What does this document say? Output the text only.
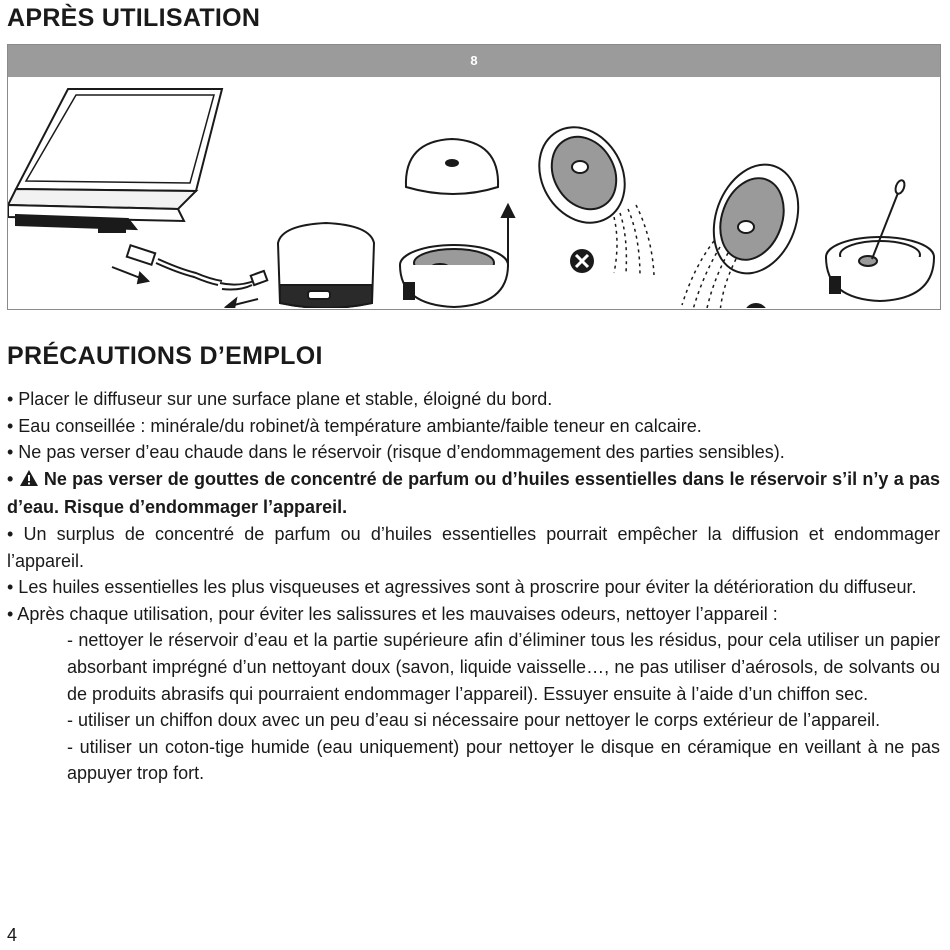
APRÈS UTILISATION
8
PRÉCAUTIONS D’EMPLOI

• Placer le diffuseur sur une surface plane et stable, éloigné du bord.

• Eau conseillée : minérale/du robinet/à température ambiante/faible teneur en calcaire.

• Ne pas verser d’eau chaude dans le réservoir (risque d’endommagement des parties sensibles).

• Ne pas verser de gouttes de concentré de parfum ou d’huiles essentielles dans le réservoir s’il n’y a pas d’eau. Risque d’endommager l’appareil.

• Un surplus de concentré de parfum ou d’huiles essentielles pourrait empêcher la diffusion et endommager l’appareil.

• Les huiles essentielles les plus visqueuses et agressives sont à proscrire pour éviter la détérioration du diffuseur.

• Après chaque utilisation, pour éviter les salissures et les mauvaises odeurs, nettoyer l’appareil :

- nettoyer le réservoir d’eau et la partie supérieure afin d’éliminer tous les résidus, pour cela utiliser un papier absorbant imprégné d’un nettoyant doux (savon, liquide vaisselle…, ne pas utiliser d’aérosols, de solvants ou de produits abrasifs qui pourraient endommager l’appareil). Essuyer ensuite à l’aide d’un chiffon sec.

- utiliser un chiffon doux avec un peu d’eau si nécessaire pour nettoyer le corps extérieur de l’appareil.

- utiliser un coton-tige humide (eau uniquement) pour nettoyer le disque en céramique en veillant à ne pas appuyer trop fort.

4
